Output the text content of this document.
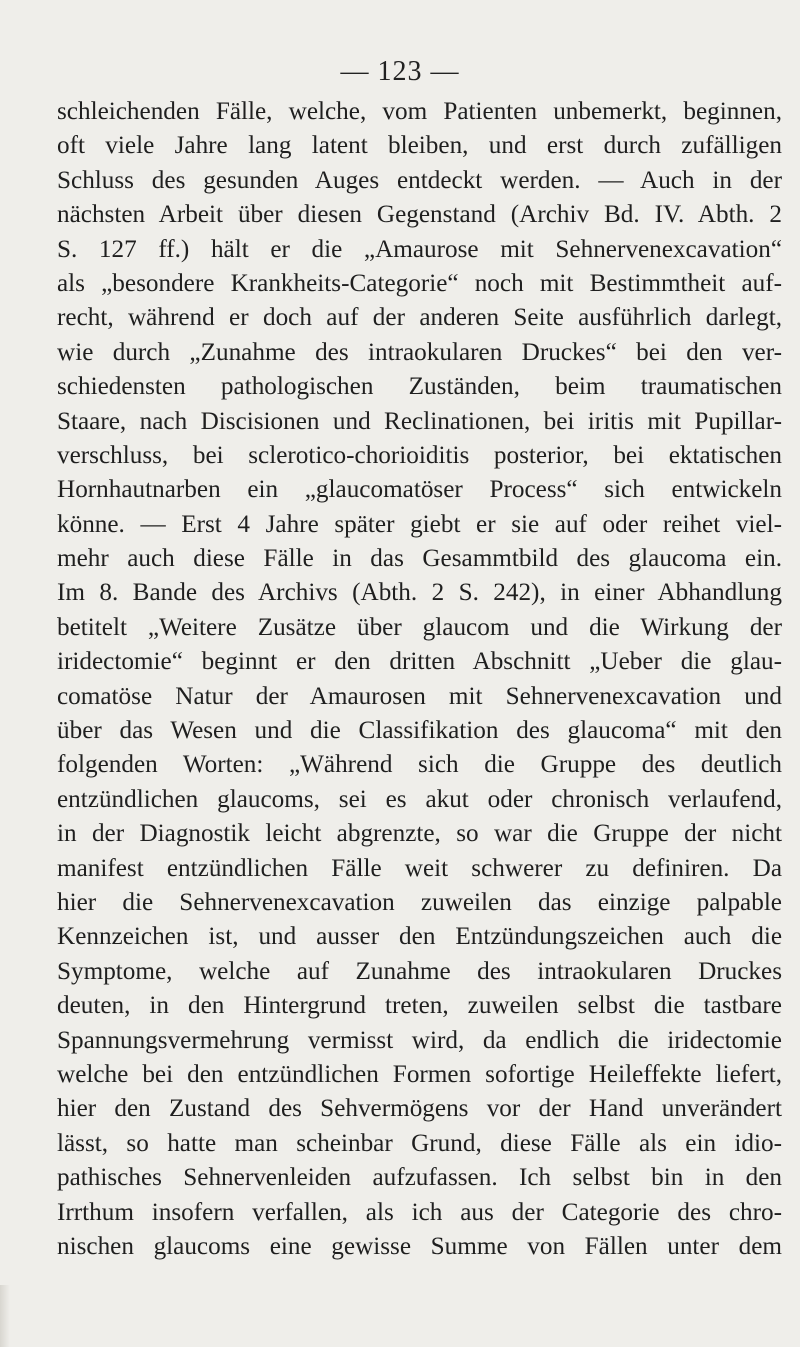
— 123 —
schleichenden Fälle, welche, vom Patienten unbemerkt, beginnen,
oft viele Jahre lang latent bleiben, und erst durch zufälligen
Schluss des gesunden Auges entdeckt werden. — Auch in der
nächsten Arbeit über diesen Gegenstand (Archiv Bd. IV. Abth. 2
S. 127 ff.) hält er die „Amaurose mit Sehnervenexcavation“
als „besondere Krankheits-Categorie“ noch mit Bestimmtheit auf-
recht, während er doch auf der anderen Seite ausführlich darlegt,
wie durch „Zunahme des intraokularen Druckes“ bei den ver-
schiedensten pathologischen Zuständen, beim traumatischen
Staare, nach Discisionen und Reclinationen, bei iritis mit Pupillar-
verschluss, bei sclerotico-chorioiditis posterior, bei ektatischen
Hornhautnarben ein „glaucomatöser Process“ sich entwickeln
könne. — Erst 4 Jahre später giebt er sie auf oder reihet viel-
mehr auch diese Fälle in das Gesammtbild des glaucoma ein.
Im 8. Bande des Archivs (Abth. 2 S. 242), in einer Abhandlung
betitelt „Weitere Zusätze über glaucom und die Wirkung der
iridectomie“ beginnt er den dritten Abschnitt „Ueber die glau-
comatöse Natur der Amaurosen mit Sehnervenexcavation und
über das Wesen und die Classifikation des glaucoma“ mit den
folgenden Worten: „Während sich die Gruppe des deutlich
entzündlichen glaucoms, sei es akut oder chronisch verlaufend,
in der Diagnostik leicht abgrenzte, so war die Gruppe der nicht
manifest entzündlichen Fälle weit schwerer zu definiren. Da
hier die Sehnervenexcavation zuweilen das einzige palpable
Kennzeichen ist, und ausser den Entzündungszeichen auch die
Symptome, welche auf Zunahme des intraokularen Druckes
deuten, in den Hintergrund treten, zuweilen selbst die tastbare
Spannungsvermehrung vermisst wird, da endlich die iridectomie
welche bei den entzündlichen Formen sofortige Heileffekte liefert,
hier den Zustand des Sehvermögens vor der Hand unverändert
lässt, so hatte man scheinbar Grund, diese Fälle als ein idio-
pathisches Sehnervenleiden aufzufassen. Ich selbst bin in den
Irrthum insofern verfallen, als ich aus der Categorie des chro-
nischen glaucoms eine gewisse Summe von Fällen unter dem
